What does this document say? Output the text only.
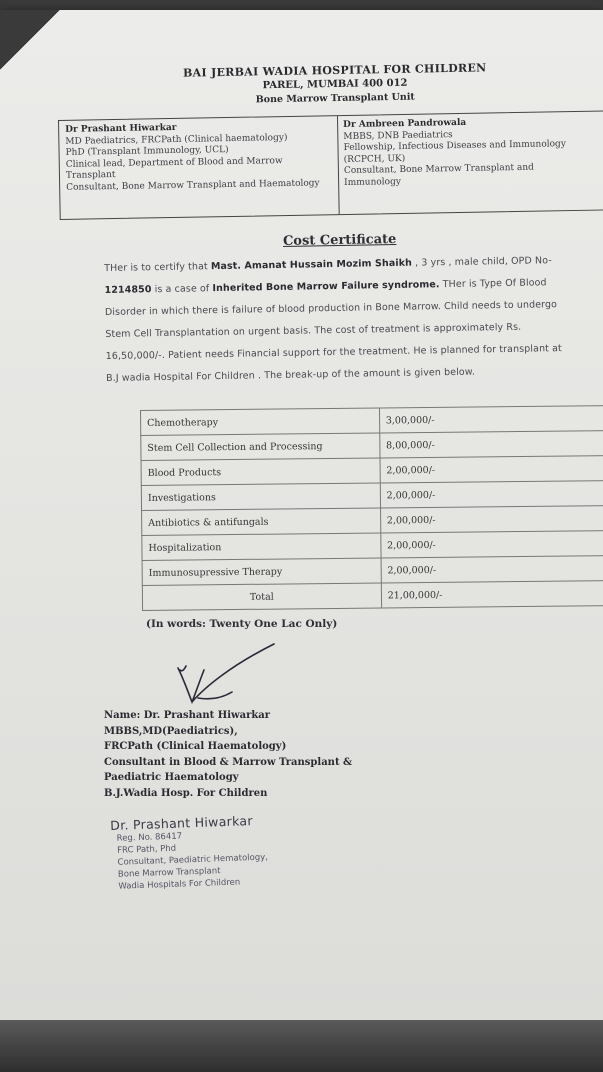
BAI JERBAI WADIA HOSPITAL FOR CHILDREN
PAREL, MUMBAI 400 012
Bone Marrow Transplant Unit
Dr Prashant Hiwarkar
MD Paediatrics, FRCPath (Clinical haematology)
PhD (Transplant Immunology, UCL)
Clinical lead, Department of Blood and Marrow
Transplant
Consultant, Bone Marrow Transplant and Haematology
Dr Ambreen Pandrowala
MBBS, DNB Paediatrics
Fellowship, Infectious Diseases and Immunology
(RCPCH, UK)
Consultant, Bone Marrow Transplant and
Immunology
Cost Certificate
THer is to certify that Mast. Amanat Hussain Mozim Shaikh , 3 yrs , male child, OPD No- 1214850 is a case of Inherited Bone Marrow Failure syndrome. THer is Type Of Blood Disorder in which there is failure of blood production in Bone Marrow. Child needs to undergo Stem Cell Transplantation on urgent basis. The cost of treatment is approximately Rs. 16,50,000/-. Patient needs Financial support for the treatment. He is planned for transplant at B.J wadia Hospital For Children . The break-up of the amount is given below.
Chemotherapy	3,00,000/-
Stem Cell Collection and Processing	8,00,000/-
Blood Products	2,00,000/-
Investigations	2,00,000/-
Antibiotics & antifungals	2,00,000/-
Hospitalization	2,00,000/-
Immunosupressive Therapy	2,00,000/-
Total	21,00,000/-
(In words: Twenty One Lac Only)
Name: Dr. Prashant Hiwarkar
MBBS,MD(Paediatrics),
FRCPath (Clinical Haematology)
Consultant in Blood & Marrow Transplant &
Paediatric Haematology
B.J.Wadia Hosp. For Children
Dr. Prashant Hiwarkar
Reg. No. 86417
FRC Path, Phd
Consultant, Paediatric Hematology,
Bone Marrow Transplant
Wadia Hospitals For Children
